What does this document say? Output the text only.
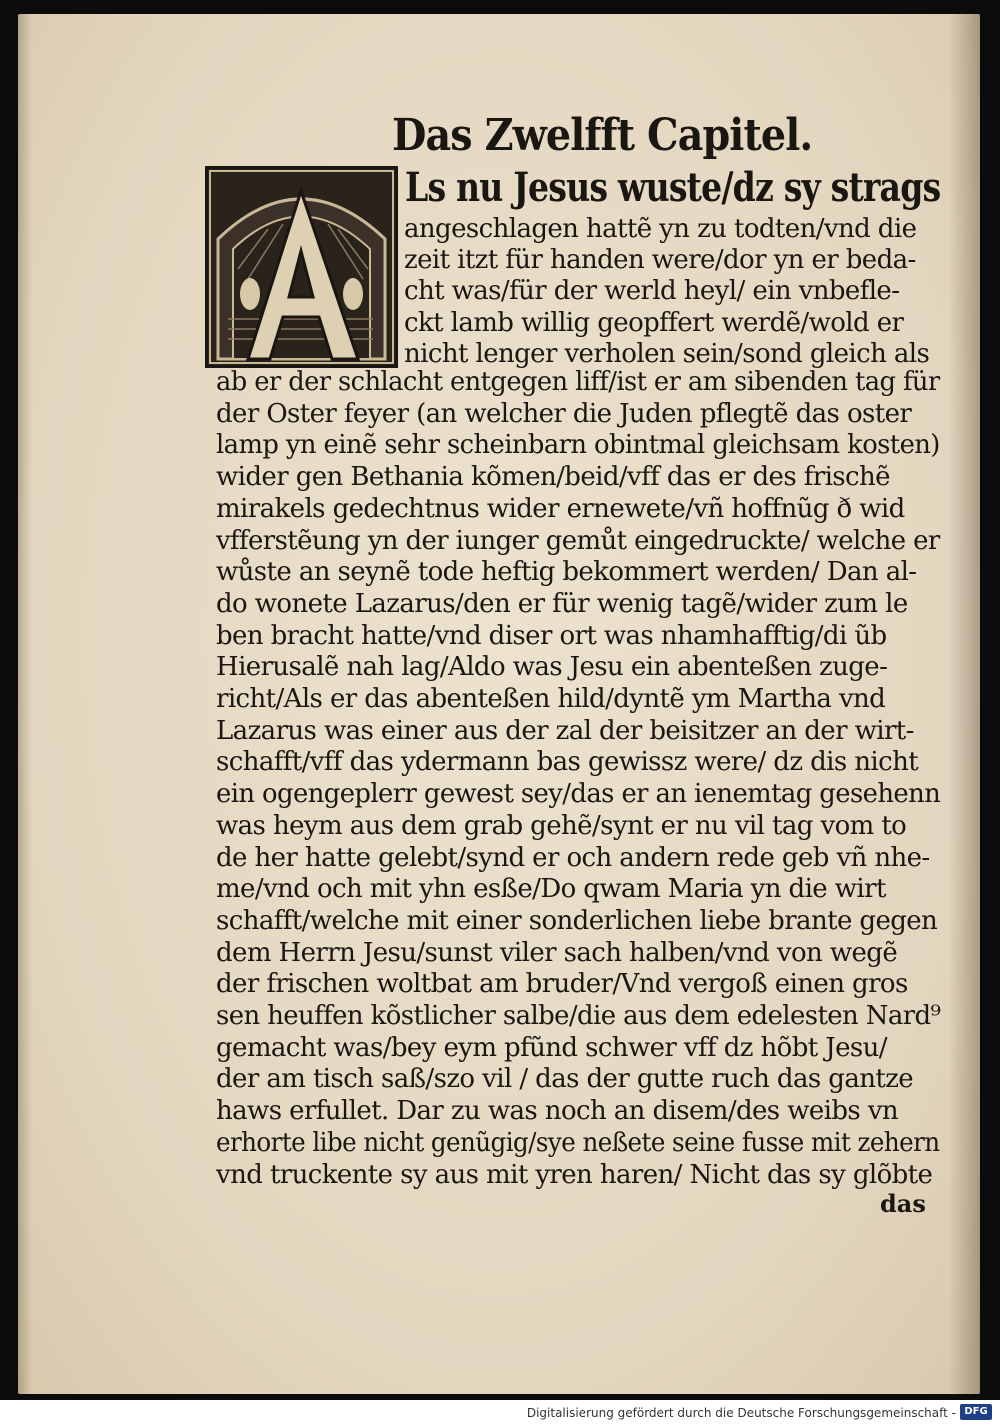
Das Zwelfft Capitel.
Ls nu Jesus wuste/dz sy strags
angeschlagen hattẽ yn zu todten/vnd die
zeit itzt für handen were/dor yn er beda-
cht was/für der werld heyl/ ein vnbefle-
ckt lamb willig geopffert werdẽ/wold er
nicht lenger verholen sein/sond gleich als
ab er der schlacht entgegen liff/ist er am sibenden tag für
der Oster feyer (an welcher die Juden pflegtẽ das oster
lamp yn einẽ sehr scheinbarn obintmal gleichsam kosten)
wider gen Bethania kõmen/beid/vff das er des frischẽ
mirakels gedechtnus wider ernewete/vñ hoffnũg ð wid
vfferstẽung yn der iunger gemůt eingedruckte/ welche er
wůste an seynẽ tode heftig bekommert werden/ Dan al-
do wonete Lazarus/den er für wenig tagẽ/wider zum le
ben bracht hatte/vnd diser ort was nhamhafftig/di ũb
Hierusalẽ nah lag/Aldo was Jesu ein abenteßen zuge-
richt/Als er das abenteßen hild/dyntẽ ym Martha vnd
Lazarus was einer aus der zal der beisitzer an der wirt-
schafft/vff das ydermann bas gewissz were/ dz dis nicht
ein ogengeplerr gewest sey/das er an ienemtag gesehenn
was heym aus dem grab gehẽ/synt er nu vil tag vom to
de her hatte gelebt/synd er och andern rede geb vñ nhe-
me/vnd och mit yhn esße/Do qwam Maria yn die wirt
schafft/welche mit einer sonderlichen liebe brante gegen
dem Herrn Jesu/sunst viler sach halben/vnd von wegẽ
der frischen woltbat am bruder/Vnd vergoß einen gros
sen heuffen kõstlicher salbe/die aus dem edelesten Nard⁹
gemacht was/bey eym pfũnd schwer vff dz hõbt Jesu/
der am tisch saß/szo vil / das der gutte ruch das gantze
haws erfullet. Dar zu was noch an disem/des weibs vn
erhorte libe nicht genũgig/sye neßete seine fusse mit zehern
vnd truckente sy aus mit yren haren/ Nicht das sy glõbte
das
Digitalisierung gefördert durch die Deutsche Forschungsgemeinschaft - DFG
